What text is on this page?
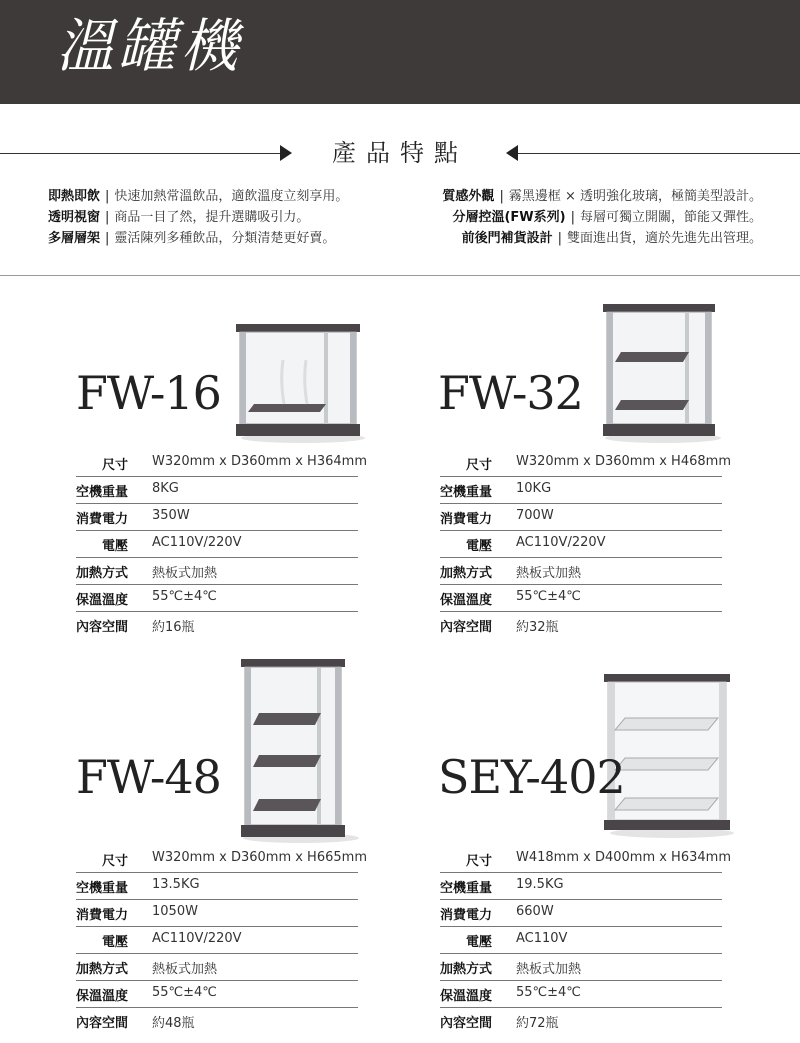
溫罐機
產品特點
即熱即飲 | 快速加熱常溫飲品，適飲溫度立刻享用。
透明視窗 | 商品一目了然，提升選購吸引力。
多層層架 | 靈活陳列多種飲品，分類清楚更好賣。
質感外觀 | 霧黑邊框 × 透明強化玻璃，極簡美型設計。
分層控溫(FW系列) | 每層可獨立開關，節能又彈性。
前後門補貨設計 | 雙面進出貨，適於先進先出管理。
FW-16
尺寸 W320mm x D360mm x H364mm
空機重量 8KG
消費電力 350W
電壓 AC110V/220V
加熱方式 熱板式加熱
保溫溫度 55℃±4℃
內容空間 約16瓶
FW-32
尺寸 W320mm x D360mm x H468mm
空機重量 10KG
消費電力 700W
電壓 AC110V/220V
加熱方式 熱板式加熱
保溫溫度 55℃±4℃
內容空間 約32瓶
FW-48
尺寸 W320mm x D360mm x H665mm
空機重量 13.5KG
消費電力 1050W
電壓 AC110V/220V
加熱方式 熱板式加熱
保溫溫度 55℃±4℃
內容空間 約48瓶
SEY-402
尺寸 W418mm x D400mm x H634mm
空機重量 19.5KG
消費電力 660W
電壓 AC110V
加熱方式 熱板式加熱
保溫溫度 55℃±4℃
內容空間 約72瓶
